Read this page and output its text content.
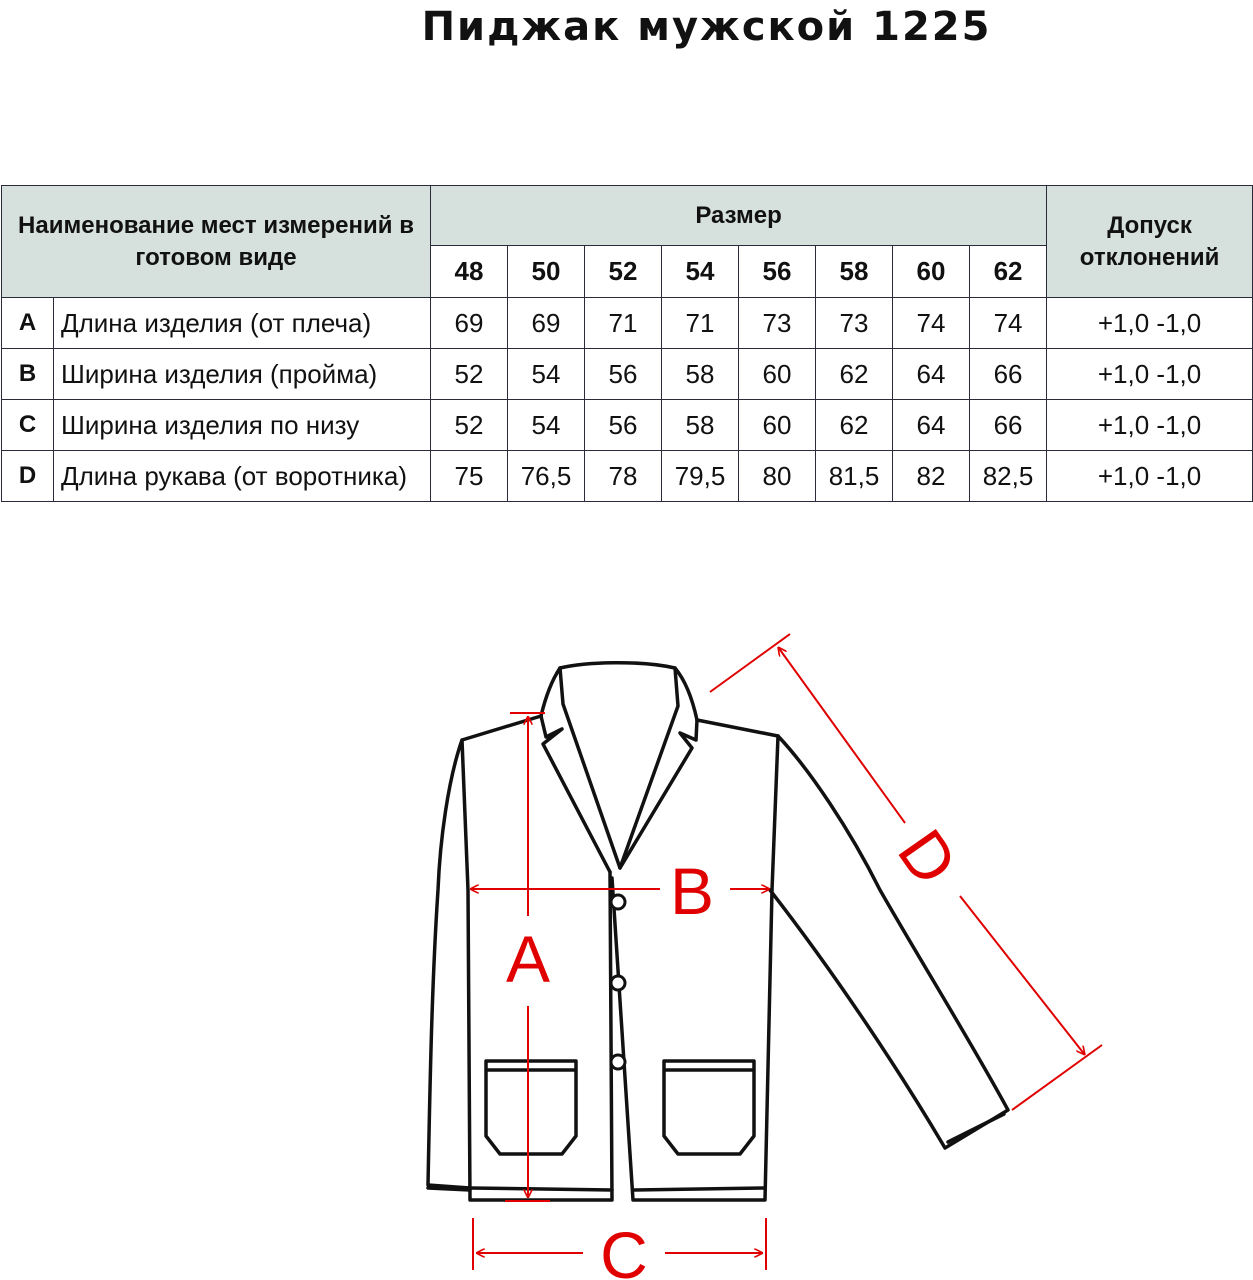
Пиджак мужской 1225
Наименование мест измерений в готовом виде		Размер								Допуск отклонений
		48	50	52	54	56	58	60	62	
A	Длина изделия (от плеча)	69	69	71	71	73	73	74	74	+1,0 -1,0
B	Ширина изделия (пройма)	52	54	56	58	60	62	64	66	+1,0 -1,0
C	Ширина изделия по низу	52	54	56	58	60	62	64	66	+1,0 -1,0
D	Длина рукава (от воротника)	75	76,5	78	79,5	80	81,5	82	82,5	+1,0 -1,0
A
B
C
D
